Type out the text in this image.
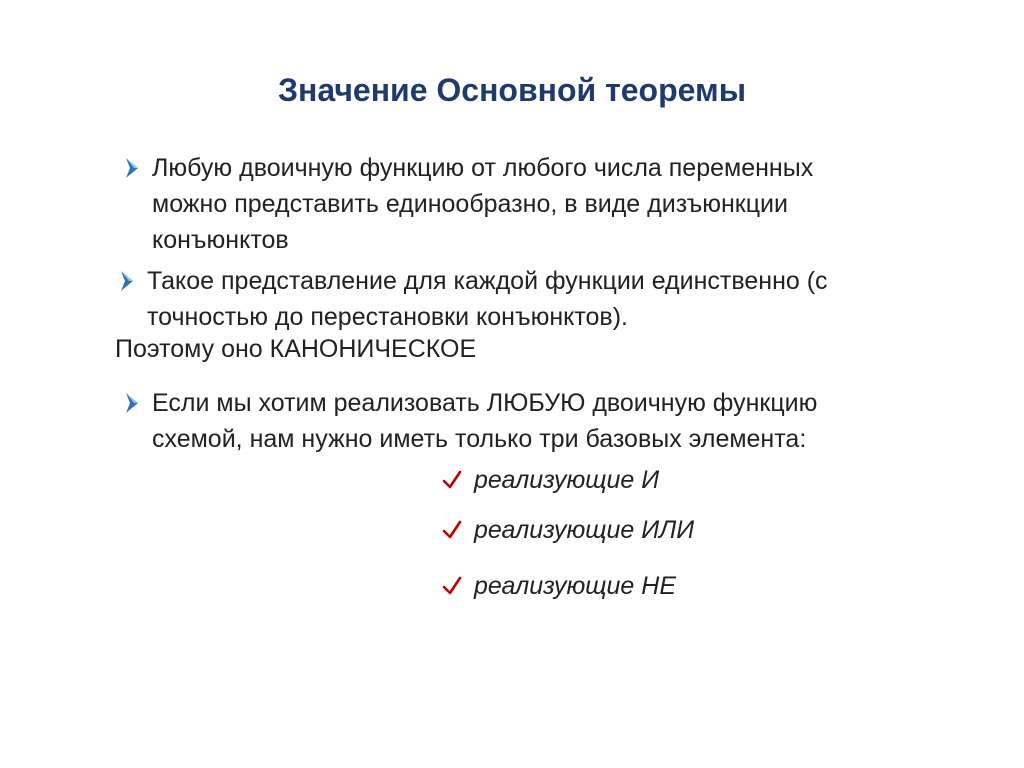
Значение Основной теоремы
Любую двоичную функцию от любого числа переменных можно представить единообразно, в виде дизъюнкции конъюнктов
Такое представление для каждой функции единственно (с точностью до перестановки конъюнктов).
Поэтому оно КАНОНИЧЕСКОЕ
Если мы хотим реализовать ЛЮБУЮ двоичную функцию схемой, нам нужно иметь только три базовых элемента:
реализующие И
реализующие ИЛИ
реализующие НЕ
